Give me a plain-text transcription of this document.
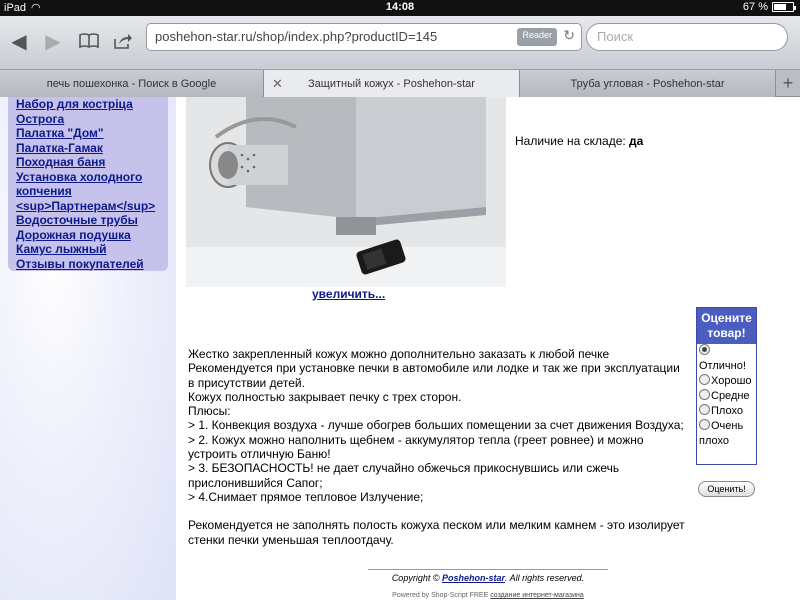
iPad ◠	14:08	67 %
◀ ▶	poshehon-star.ru/shop/index.php?productID=145	Reader ↻	Поиск
печь пошехонка - Поиск в Google	✕ Защитный кожух - Poshehon-star	Труба угловая - Poshehon-star	+
Набор для костріца
Острога
Палатка "Дом"
Палатка-Гамак
Походная баня
Установка холодного копчения
<sup>Партнерам</sup>
Водосточные трубы
Дорожная подушка
Камус лыжный
Отзывы покупателей
увеличить...
Наличие на складе: да

Жестко закрепленный кожух можно дополнительно заказать к любой печке

Рекомендуется при установке печки в автомобиле или лодке и так же при эксплуатации в присутствии детей.

Кожух полностью закрывает печку с трех сторон.

Плюсы:

> 1. Конвекция воздуха - лучше обогрев больших помещении за счет движения Воздуха;

> 2. Кожух можно наполнить щебнем - аккумулятор тепла (греет ровнее) и можно устроить отличную Баню!

> 3. БЕЗОПАСНОСТЬ! не дает случайно обжечься прикоснувшись или сжечь прислонившийся Сапог;

> 4.Снимает прямое тепловое Излучение;

Рекомендуется не заполнять полость кожуха песком или мелким камнем - это изолирует стенки печки уменьшая теплоотдачу.

Оцените товар!

Отлично!
Хорошо
Средне
Плохо
Очень плохо
Оценить!
Copyright © Poshehon-star. All rights reserved.
Powered by Shop-Script FREE создание интернет-магазина
